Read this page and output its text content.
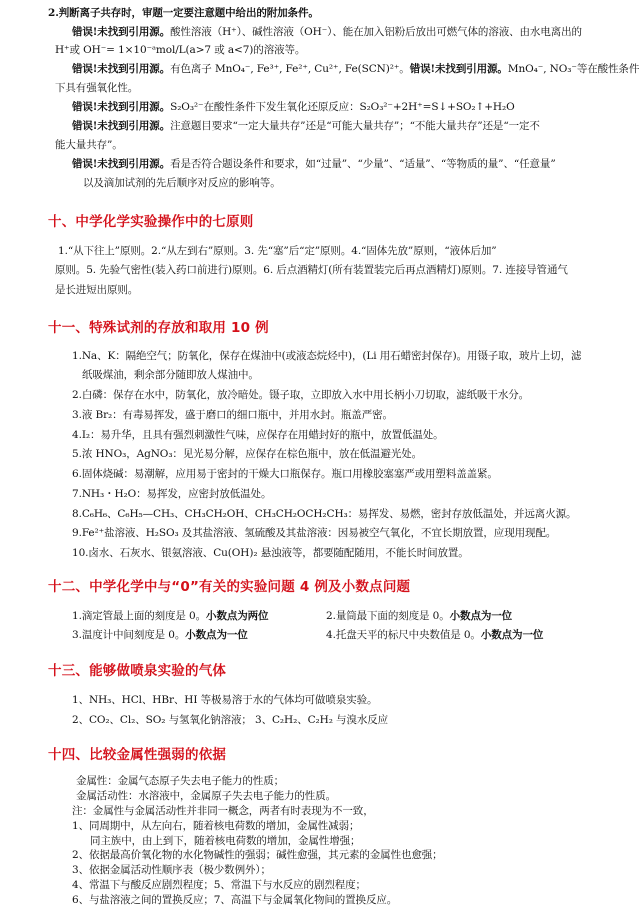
2.判断离子共存时，审题一定要注意题中给出的附加条件。
错误!未找到引用源。酸性溶液（H⁺）、碱性溶液（OH⁻）、能在加入铝粉后放出可燃气体的溶液、由水电离出的
H⁺或 OH⁻= 1×10⁻ᵃmol/L(a>7 或 a<7)的溶液等。
错误!未找到引用源。有色离子 MnO₄⁻, Fe³⁺, Fe²⁺, Cu²⁺, Fe(SCN)²⁺。错误!未找到引用源。MnO₄⁻, NO₃⁻等在酸性条件
下具有强氧化性。
错误!未找到引用源。S₂O₃²⁻在酸性条件下发生氧化还原反应：S₂O₃²⁻+2H⁺=S↓+SO₂↑+H₂O
错误!未找到引用源。注意题目要求“一定大量共存”还是“可能大量共存”；“不能大量共存”还是“一定不
能大量共存”。
错误!未找到引用源。看是否符合题设条件和要求，如“过量”、“少量”、“适量”、“等物质的量”、“任意量”
以及滴加试剂的先后顺序对反应的影响等。
十、中学化学实验操作中的七原则
1.“从下往上”原则。2.“从左到右”原则。3. 先“塞”后“定”原则。4.“固体先放”原则，“液体后加”
原则。5. 先验气密性(装入药口前进行)原则。6. 后点酒精灯(所有装置装完后再点酒精灯)原则。7. 连接导管通气
是长进短出原则。
十一、特殊试剂的存放和取用 10 例
1.Na、K：隔绝空气；防氧化，保存在煤油中(或液态烷烃中)，(Li 用石蜡密封保存)。用镊子取，玻片上切，滤
纸吸煤油，剩余部分随即放人煤油中。
2.白磷：保存在水中，防氧化，放冷暗处。镊子取，立即放入水中用长柄小刀切取，滤纸吸干水分。
3.液 Br₂：有毒易挥发，盛于磨口的细口瓶中，并用水封。瓶盖严密。
4.I₂：易升华，且具有强烈刺激性气味，应保存在用蜡封好的瓶中，放置低温处。
5.浓 HNO₃，AgNO₃：见光易分解，应保存在棕色瓶中，放在低温避光处。
6.固体烧碱：易潮解，应用易于密封的干燥大口瓶保存。瓶口用橡胶塞塞严或用塑料盖盖紧。
7.NH₃・H₂O：易挥发，应密封放低温处。
8.C₆H₆、C₆H₅—CH₃、CH₃CH₂OH、CH₃CH₂OCH₂CH₃：易挥发、易燃，密封存放低温处，并远离火源。
9.Fe²⁺盐溶液、H₂SO₃ 及其盐溶液、氢硫酸及其盐溶液：因易被空气氧化，不宜长期放置，应现用现配。
10.卤水、石灰水、银氨溶液、Cu(OH)₂ 悬浊液等，都要随配随用，不能长时间放置。
十二、中学化学中与“0”有关的实验问题 4 例及小数点问题
1.滴定管最上面的刻度是 0。小数点为两位	2.量筒最下面的刻度是 0。小数点为一位
3.温度计中间刻度是 0。小数点为一位	4.托盘天平的标尺中央数值是 0。小数点为一位
十三、能够做喷泉实验的气体
1、NH₃、HCl、HBr、HI 等极易溶于水的气体均可做喷泉实验。
2、CO₂、Cl₂、SO₂ 与氢氧化钠溶液； 3、C₂H₂、C₂H₂ 与溴水反应
十四、比较金属性强弱的依据
金属性：金属气态原子失去电子能力的性质；
金属活动性：水溶液中，金属原子失去电子能力的性质。
注：金属性与金属活动性并非同一概念，两者有时表现为不一致，
1、同周期中，从左向右，随着核电荷数的增加，金属性减弱；
同主族中，由上到下，随着核电荷数的增加，金属性增强；
2、依据最高价氧化物的水化物碱性的强弱；碱性愈强，其元素的金属性也愈强；
3、依据金属活动性顺序表（极少数例外）；
4、常温下与酸反应剧烈程度；5、常温下与水反应的剧烈程度；
6、与盐溶液之间的置换反应；7、高温下与金属氧化物间的置换反应。
